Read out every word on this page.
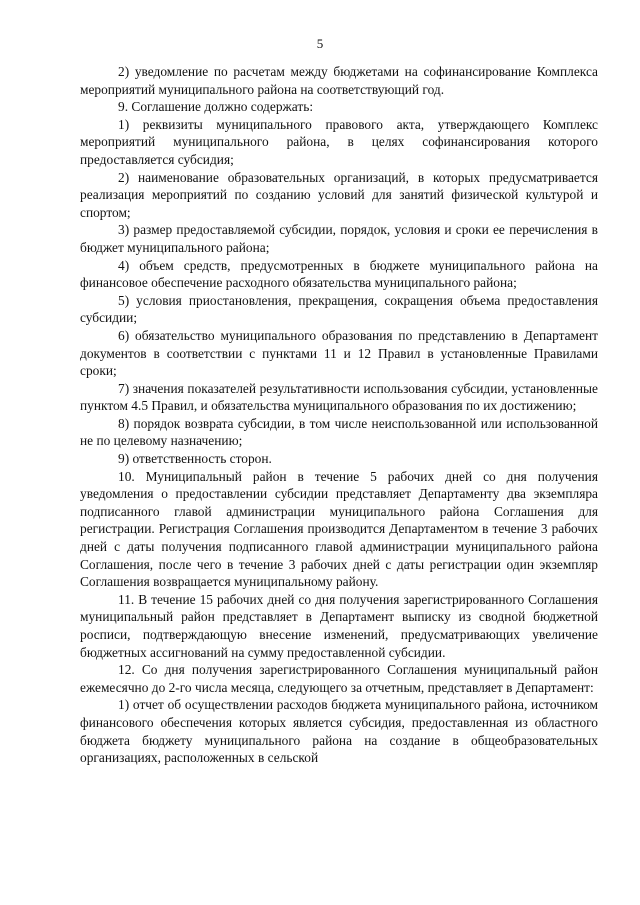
5

2) уведомление по расчетам между бюджетами на софинансирование Комплекса мероприятий муниципального района на соответствующий год.

9. Соглашение должно содержать:

1) реквизиты муниципального правового акта, утверждающего Комплекс мероприятий муниципального района, в целях софинансирования которого предоставляется субсидия;

2) наименование образовательных организаций, в которых предусматривается реализация мероприятий по созданию условий для занятий физической культурой и спортом;

3) размер предоставляемой субсидии, порядок, условия и сроки ее перечисления в бюджет муниципального района;

4) объем средств, предусмотренных в бюджете муниципального района на финансовое обеспечение расходного обязательства муниципального района;

5) условия приостановления, прекращения, сокращения объема предоставления субсидии;

6) обязательство муниципального образования по представлению в Департамент документов в соответствии с пунктами 11 и 12 Правил в установленные Правилами сроки;

7) значения показателей результативности использования субсидии, установленные пунктом 4.5 Правил, и обязательства муниципального образования по их достижению;

8) порядок возврата субсидии, в том числе неиспользованной или использованной не по целевому назначению;

9) ответственность сторон.

10. Муниципальный район в течение 5 рабочих дней со дня получения уведомления о предоставлении субсидии представляет Департаменту два экземпляра подписанного главой администрации муниципального района Соглашения для регистрации. Регистрация Соглашения производится Департаментом в течение 3 рабочих дней с даты получения подписанного главой администрации муниципального района Соглашения, после чего в течение 3 рабочих дней с даты регистрации один экземпляр Соглашения возвращается муниципальному району.

11. В течение 15 рабочих дней со дня получения зарегистрированного Соглашения муниципальный район представляет в Департамент выписку из сводной бюджетной росписи, подтверждающую внесение изменений, предусматривающих увеличение бюджетных ассигнований на сумму предоставленной субсидии.

12. Со дня получения зарегистрированного Соглашения муниципальный район ежемесячно до 2-го числа месяца, следующего за отчетным, представляет в Департамент:

1) отчет об осуществлении расходов бюджета муниципального района, источником финансового обеспечения которых является субсидия, предоставленная из областного бюджета бюджету муниципального района на создание в общеобразовательных организациях, расположенных в сельской
